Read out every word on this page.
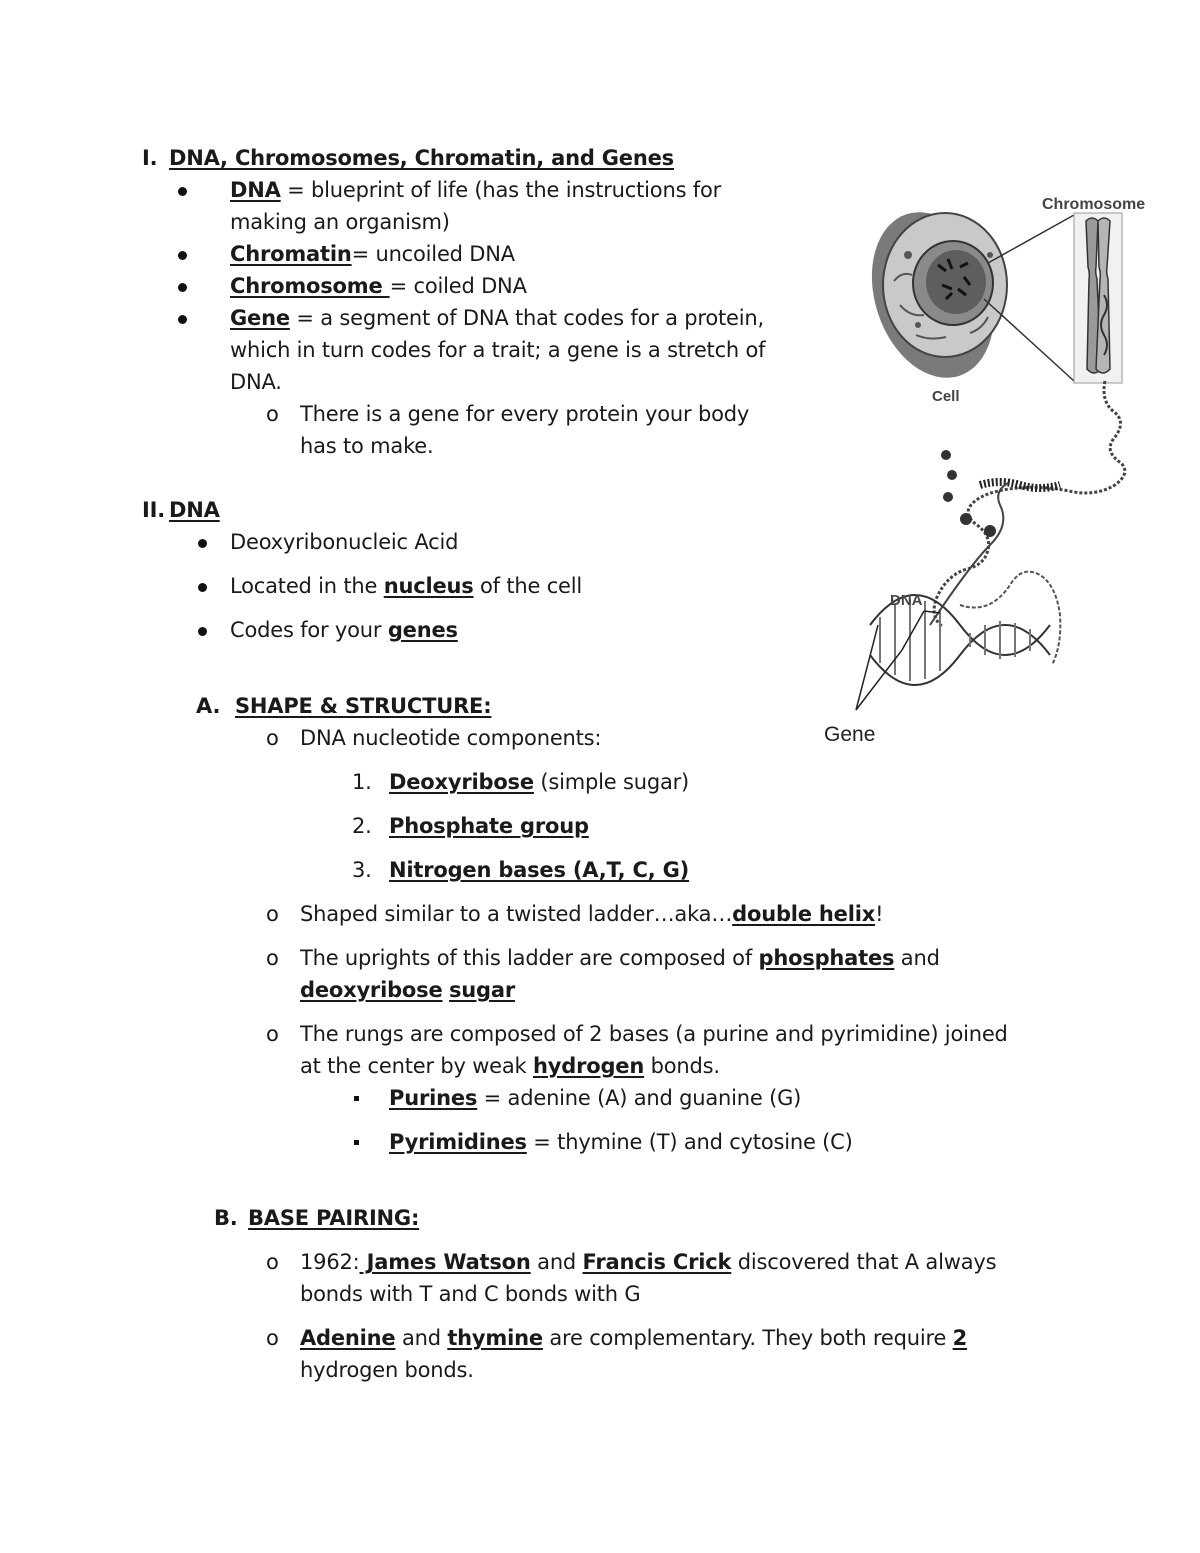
I. DNA, Chromosomes, Chromatin, and Genes
DNA = blueprint of life (has the instructions for
making an organism)
Chromatin= uncoiled DNA
Chromosome = coiled DNA
Gene = a segment of DNA that codes for a protein,
which in turn codes for a trait; a gene is a stretch of
DNA.
o There is a gene for every protein your body
has to make.
II. DNA
Deoxyribonucleic Acid
Located in the nucleus of the cell
Codes for your genes
A. SHAPE & STRUCTURE:
o DNA nucleotide components:
1. Deoxyribose (simple sugar)
2. Phosphate group
3. Nitrogen bases (A,T, C, G)
o Shaped similar to a twisted ladder…aka…double helix!
o The uprights of this ladder are composed of phosphates and
deoxyribose sugar
o The rungs are composed of 2 bases (a purine and pyrimidine) joined
at the center by weak hydrogen bonds.
Purines = adenine (A) and guanine (G)
Pyrimidines = thymine (T) and cytosine (C)
B. BASE PAIRING:
o 1962: James Watson and Francis Crick discovered that A always
bonds with T and C bonds with G
o Adenine and thymine are complementary. They both require 2
hydrogen bonds.
Chromosome
Cell
DNA
Gene
